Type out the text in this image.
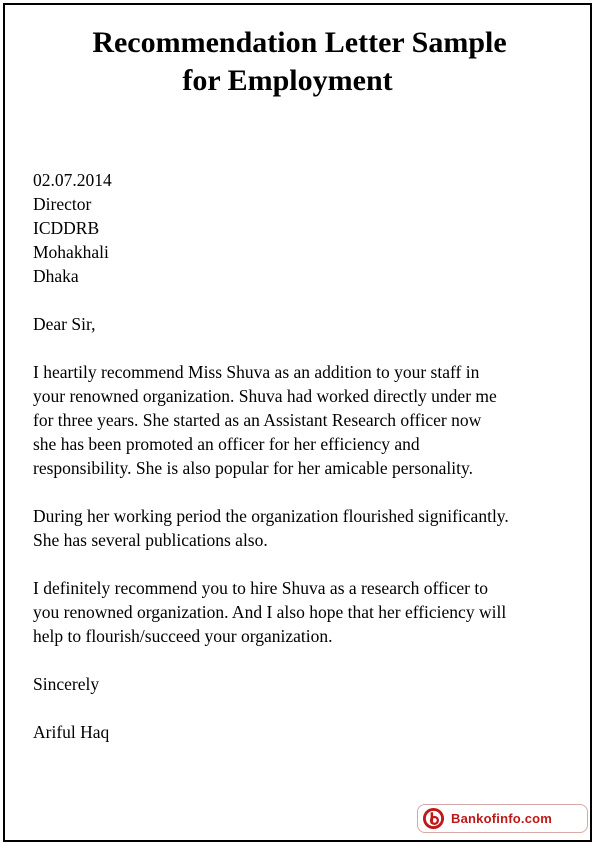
Recommendation Letter Sample
for Employment

02.07.2014
Director
ICDDRB
Mohakhali
Dhaka

Dear Sir,

I heartily recommend Miss Shuva as an addition to your staff in
your renowned organization. Shuva had worked directly under me
for three years. She started as an Assistant Research officer now
she has been promoted an officer for her efficiency and
responsibility. She is also popular for her amicable personality.

During her working period the organization flourished significantly.
She has several publications also.

I definitely recommend you to hire Shuva as a research officer to
you renowned organization. And I also hope that her efficiency will
help to flourish/succeed your organization.

Sincerely

Ariful Haq

Bankofinfo.com
